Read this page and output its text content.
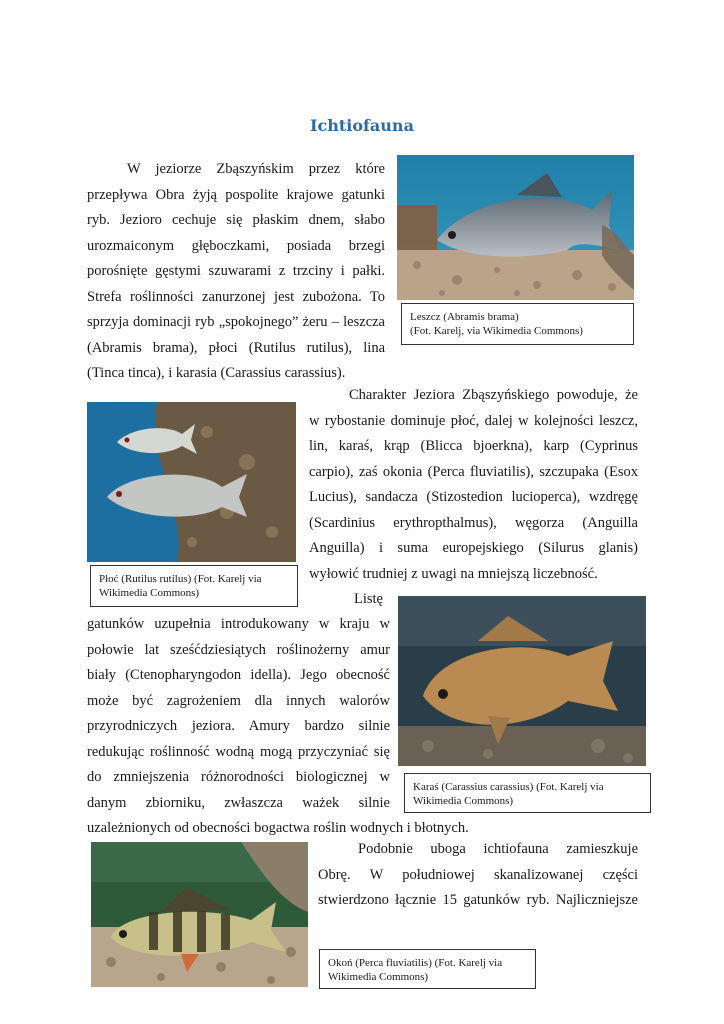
Ichtiofauna
Leszcz (Abramis brama)
(Fot. Karelj, via Wikimedia Commons)
W jeziorze Zbąszyńskim przez które
przepływa Obra żyją pospolite krajowe gatunki
ryb. Jezioro cechuje się płaskim dnem, słabo
urozmaiconym głęboczkami, posiada brzegi
porośnięte gęstymi szuwarami z trzciny i pałki.
Strefa roślinności zanurzonej jest zubożona. To
sprzyja dominacji ryb „spokojnego” żeru – leszcza
(Abramis brama), płoci (Rutilus rutilus), lina
(Tinca tinca), i karasia (Carassius carassius).
Płoć (Rutilus rutilus) (Fot. Karelj via
Wikimedia Commons)
Charakter Jeziora Zbąszyńskiego powoduje, że
w rybostanie dominuje płoć, dalej w kolejności leszcz,
lin, karaś, krąp (Blicca bjoerkna), karp (Cyprinus
carpio), zaś okonia (Perca fluviatilis), szczupaka (Esox
Lucius), sandacza (Stizostedion lucioperca), wzdręgę
(Scardinius erythropthalmus), węgorza (Anguilla
Anguilla) i suma europejskiego (Silurus glanis)
wyłowić trudniej z uwagi na mniejszą liczebność.
Karaś (Carassius carassius) (Fot. Karelj via
Wikimedia Commons)
Listę
gatunków uzupełnia introdukowany w kraju w
połowie lat sześćdziesiątych roślinożerny amur
biały (Ctenopharyngodon idella). Jego obecność
może być zagrożeniem dla innych walorów
przyrodniczych jeziora. Amury bardzo silnie
redukując roślinność wodną mogą przyczyniać się
do zmniejszenia różnorodności biologicznej w
danym zbiorniku, zwłaszcza ważek silnie
uzależnionych od obecności bogactwa roślin wodnych i błotnych.
Okoń (Perca fluviatilis) (Fot. Karelj via
Wikimedia Commons)
Podobnie uboga ichtiofauna zamieszkuje
Obrę. W południowej skanalizowanej części
stwierdzono łącznie 15 gatunków ryb. Najliczniejsze
